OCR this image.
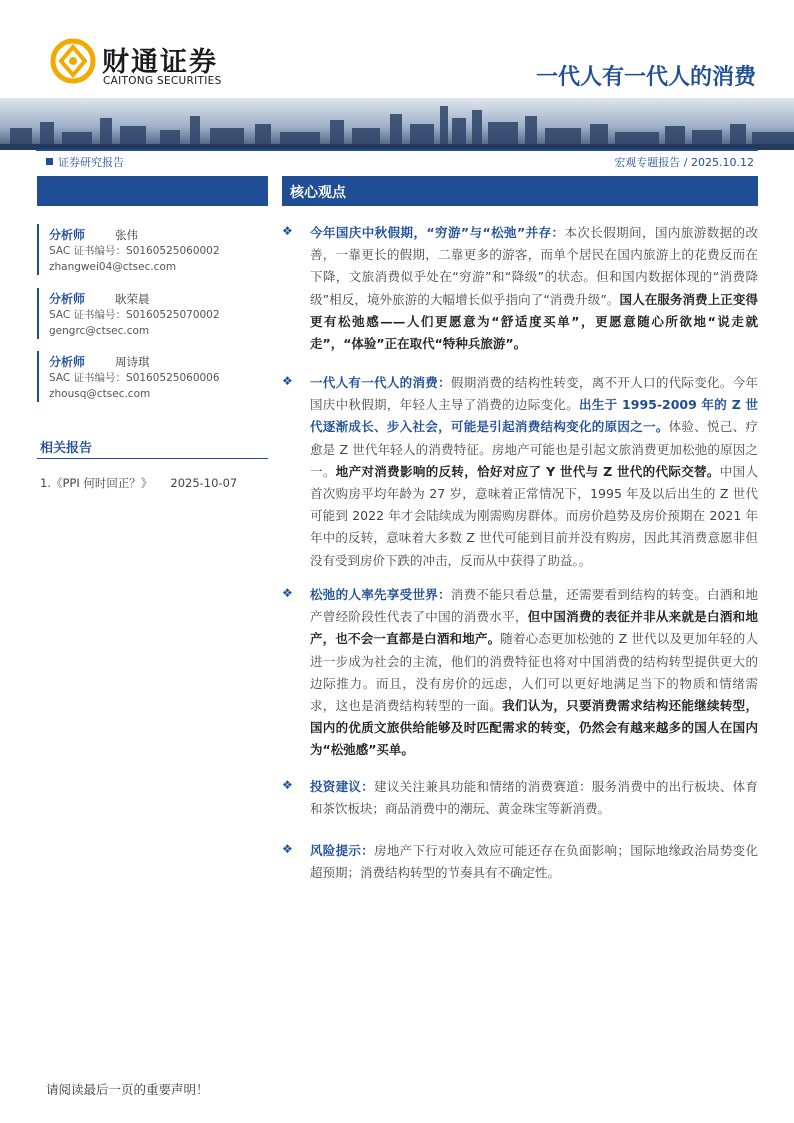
财通证券
CAITONG SECURITIES	一代人有一代人的消费
证券研究报告	宏观专题报告 / 2025.10.12
分析师	张伟
SAC 证书编号：S0160525060002
zhangwei04@ctsec.com
分析师	耿荣晨
SAC 证书编号：S0160525070002
gengrc@ctsec.com
分析师	周诗琪
SAC 证书编号：S0160525060006
zhousq@ctsec.com
相关报告
1.《PPI 何时回正？》 2025-10-07
核心观点
❖ 今年国庆中秋假期，“穷游”与“松弛”并存：本次长假期间，国内旅游数据的改善，一靠更长的假期，二靠更多的游客，而单个居民在国内旅游上的花费反而在下降，文旅消费似乎处在“穷游”和“降级”的状态。但和国内数据体现的“消费降级”相反，境外旅游的大幅增长似乎指向了“消费升级”。国人在服务消费上正变得更有松弛感——人们更愿意为“舒适度买单”，更愿意随心所欲地“说走就走”，“体验”正在取代“特种兵旅游”。
❖ 一代人有一代人的消费：假期消费的结构性转变，离不开人口的代际变化。今年国庆中秋假期，年轻人主导了消费的边际变化。出生于 1995-2009 年的 Z 世代逐渐成长、步入社会，可能是引起消费结构变化的原因之一。体验、悦己、疗愈是 Z 世代年轻人的消费特征。房地产可能也是引起文旅消费更加松弛的原因之一。地产对消费影响的反转，恰好对应了 Y 世代与 Z 世代的代际交替。中国人首次购房平均年龄为 27 岁，意味着正常情况下，1995 年及以后出生的 Z 世代可能到 2022 年才会陆续成为刚需购房群体。而房价趋势及房价预期在 2021 年年中的反转，意味着大多数 Z 世代可能到目前并没有购房，因此其消费意愿非但没有受到房价下跌的冲击，反而从中获得了助益。。
❖ 松弛的人率先享受世界：消费不能只看总量，还需要看到结构的转变。白酒和地产曾经阶段性代表了中国的消费水平，但中国消费的表征并非从来就是白酒和地产，也不会一直都是白酒和地产。随着心态更加松弛的 Z 世代以及更加年轻的人进一步成为社会的主流，他们的消费特征也将对中国消费的结构转型提供更大的边际推力。而且，没有房价的远虑，人们可以更好地满足当下的物质和情绪需求，这也是消费结构转型的一面。我们认为，只要消费需求结构还能继续转型，国内的优质文旅供给能够及时匹配需求的转变，仍然会有越来越多的国人在国内为“松弛感”买单。
❖ 投资建议：建议关注兼具功能和情绪的消费赛道：服务消费中的出行板块、体育和茶饮板块；商品消费中的潮玩、黄金珠宝等新消费。
❖ 风险提示：房地产下行对收入效应可能还存在负面影响；国际地缘政治局势变化超预期；消费结构转型的节奏具有不确定性。
请阅读最后一页的重要声明！
